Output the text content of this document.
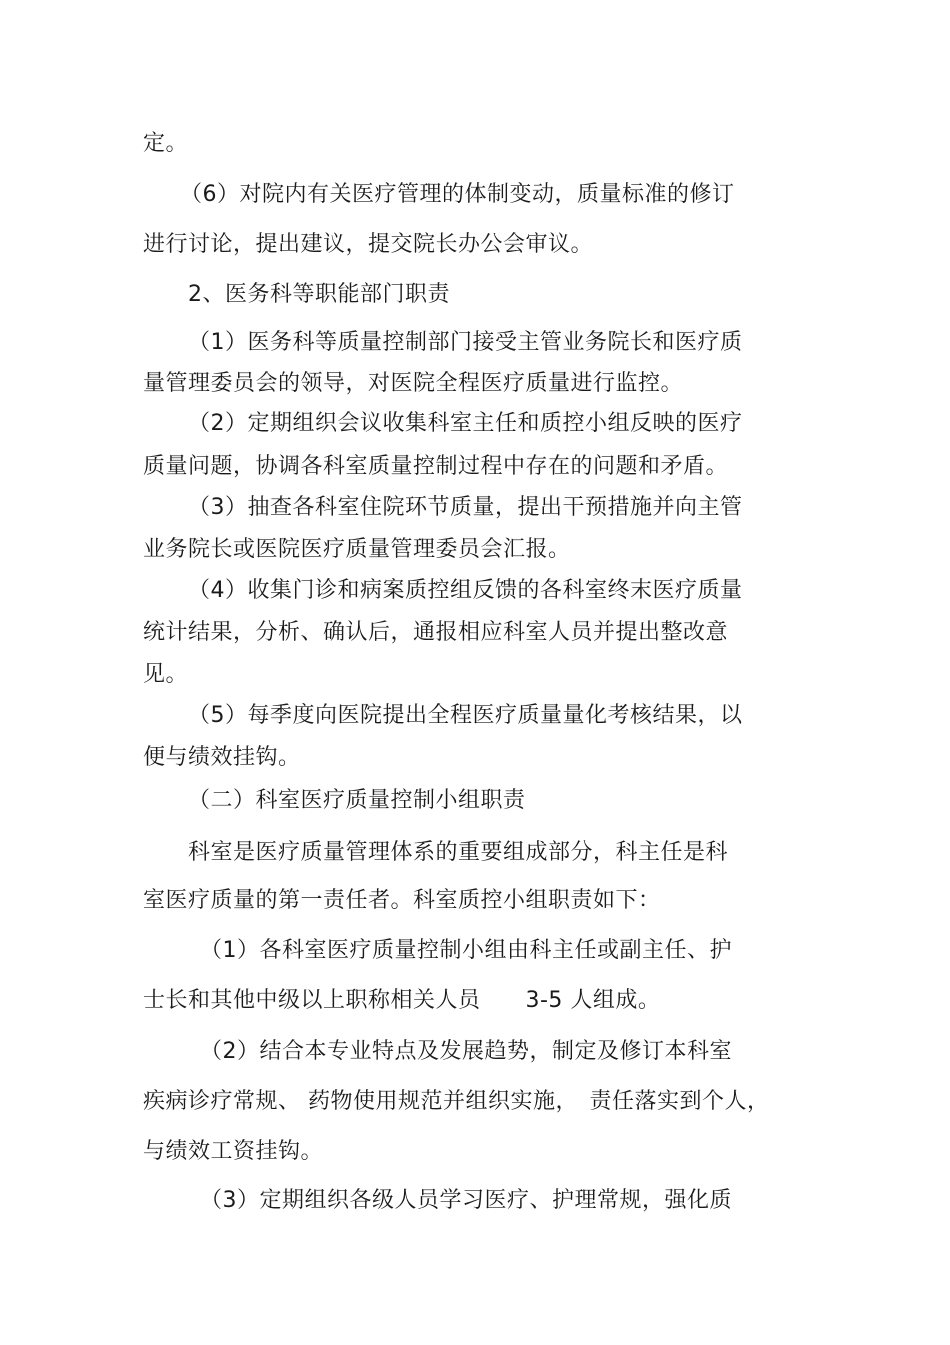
定。
（6）对院内有关医疗管理的体制变动，质量标准的修订
进行讨论，提出建议，提交院长办公会审议。
2、医务科等职能部门职责
（1）医务科等质量控制部门接受主管业务院长和医疗质
量管理委员会的领导，对医院全程医疗质量进行监控。
（2）定期组织会议收集科室主任和质控小组反映的医疗
质量问题，协调各科室质量控制过程中存在的问题和矛盾。
（3）抽查各科室住院环节质量，提出干预措施并向主管
业务院长或医院医疗质量管理委员会汇报。
（4）收集门诊和病案质控组反馈的各科室终末医疗质量
统计结果，分析、确认后，通报相应科室人员并提出整改意
见。
（5）每季度向医院提出全程医疗质量量化考核结果，以
便与绩效挂钩。
（二）科室医疗质量控制小组职责
科室是医疗质量管理体系的重要组成部分，科主任是科
室医疗质量的第一责任者。科室质控小组职责如下：
（1）各科室医疗质量控制小组由科主任或副主任、护
士长和其他中级以上职称相关人员　　3-5 人组成。
（2）结合本专业特点及发展趋势，制定及修订本科室
疾病诊疗常规、 药物使用规范并组织实施，　责任落实到个人，
与绩效工资挂钩。
（3）定期组织各级人员学习医疗、护理常规，强化质
